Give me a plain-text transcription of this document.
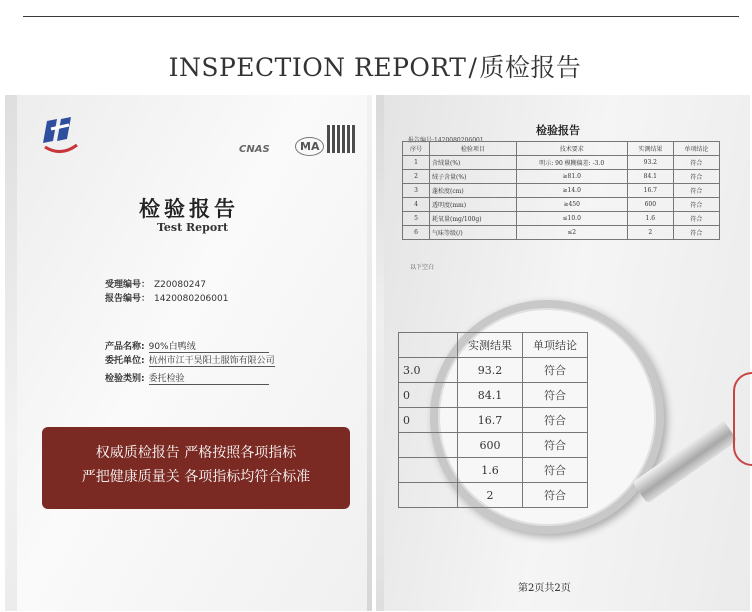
INSPECTION REPORT/质检报告
CNAS	MA
检验报告
Test Report
受理编号： Z20080247
报告编号： 1420080206001
产品名称: 90%白鸭绒
委托单位: 杭州市江干昊阳土服饰有限公司
检验类别: 委托检验
权威质检报告 严格按照各项指标
严把健康质量关 各项指标均符合标准
报告编号:1420080206001
检验报告
序号	检验项目	技术要求	实测结果	单项结论
1	含绒量(%)	明示: 90 模糊偏差: -3.0	93.2	符合
2	绒子含量(%)	≥81.0	84.1	符合
3	蓬松度(cm)	≥14.0	16.7	符合
4	透明度(mm)	≥450	600	符合
5	耗氧量(mg/100g)	≤10.0	1.6	符合
6	气味等级(/)	≤2	2	符合
以下空白
第2页共2页
	实测结果	单项结论
3.0	93.2	符合
0	84.1	符合
0	16.7	符合
	600	符合
	1.6	符合
	2	符合
